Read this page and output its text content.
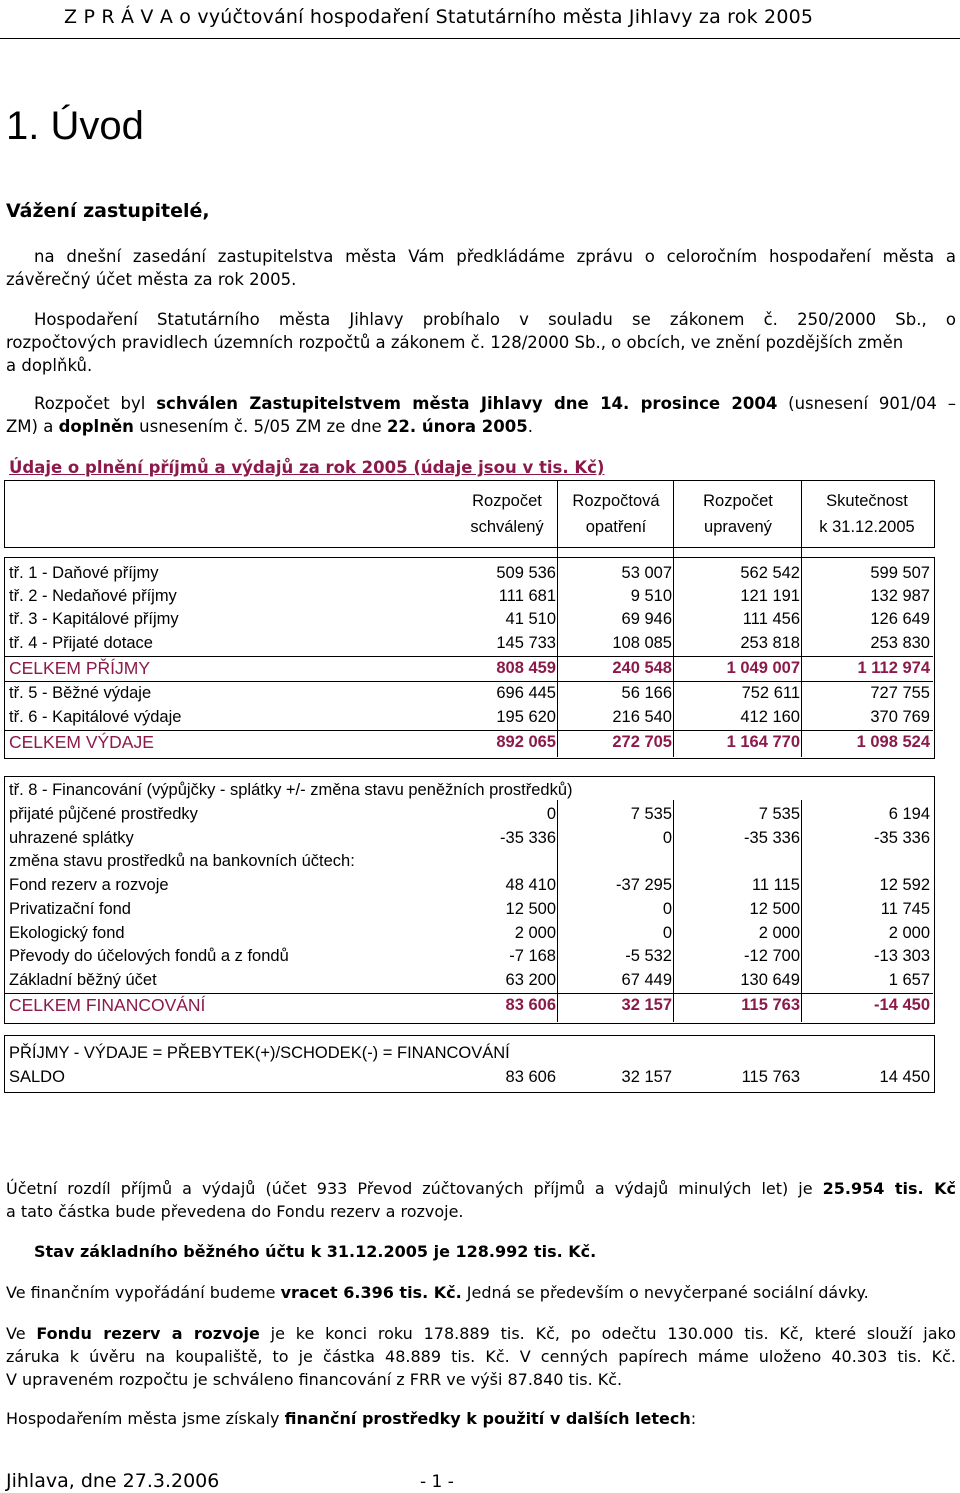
Z P R Á V A o vyúčtování hospodaření Statutárního města Jihlavy za rok 2005
1. Úvod
Vážení zastupitelé,
na dnešní zasedání zastupitelstva města Vám předkládáme zprávu o celoročním hospodaření města a
závěrečný účet města za rok 2005.
Hospodaření Statutárního města Jihlavy probíhalo v souladu se zákonem č. 250/2000 Sb., o
rozpočtových pravidlech územních rozpočtů a zákonem č. 128/2000 Sb., o obcích, ve znění pozdějších změn
a doplňků.
Rozpočet byl schválen Zastupitelstvem města Jihlavy dne 14. prosince 2004 (usnesení 901/04 –
ZM) a doplněn usnesením č. 5/05 ZM ze dne 22. února 2005.
Údaje o plnění příjmů a výdajů za rok 2005 (údaje jsou v tis. Kč)
Rozpočet
schválený
Rozpočtová
opatření
Rozpočet
upravený
Skutečnost
k 31.12.2005
tř. 1 - Daňové příjmy	509 536	53 007	562 542	599 507
tř. 2 - Nedaňové příjmy	111 681	9 510	121 191	132 987
tř. 3 - Kapitálové příjmy	41 510	69 946	111 456	126 649
tř. 4 - Přijaté dotace	145 733	108 085	253 818	253 830
CELKEM PŘÍJMY	808 459	240 548	1 049 007	1 112 974
tř. 5 - Běžné výdaje	696 445	56 166	752 611	727 755
tř. 6 - Kapitálové výdaje	195 620	216 540	412 160	370 769
CELKEM VÝDAJE	892 065	272 705	1 164 770	1 098 524
tř. 8 - Financování (výpůjčky - splátky +/- změna stavu peněžních prostředků)
přijaté půjčené prostředky	0	7 535	7 535	6 194
uhrazené splátky	-35 336	0	-35 336	-35 336
změna stavu prostředků na bankovních účtech:
Fond rezerv a rozvoje	48 410	-37 295	11 115	12 592
Privatizační fond	12 500	0	12 500	11 745
Ekologický fond	2 000	0	2 000	2 000
Převody do účelových fondů a z fondů	-7 168	-5 532	-12 700	-13 303
Základní běžný účet	63 200	67 449	130 649	1 657
CELKEM FINANCOVÁNÍ	83 606	32 157	115 763	-14 450
PŘÍJMY - VÝDAJE = PŘEBYTEK(+)/SCHODEK(-) = FINANCOVÁNÍ
SALDO	83 606	32 157	115 763	14 450
Účetní rozdíl příjmů a výdajů (účet 933 Převod zúčtovaných příjmů a výdajů minulých let) je 25.954 tis. Kč
a tato částka bude převedena do Fondu rezerv a rozvoje.
Stav základního běžného účtu k 31.12.2005 je 128.992 tis. Kč.
Ve finančním vypořádání budeme vracet 6.396 tis. Kč. Jedná se především o nevyčerpané sociální dávky.
Ve Fondu rezerv a rozvoje je ke konci roku 178.889 tis. Kč, po odečtu 130.000 tis. Kč, které slouží jako
záruka k úvěru na koupaliště, to je částka 48.889 tis. Kč. V cenných papírech máme uloženo 40.303 tis. Kč.
V upraveném rozpočtu je schváleno financování z FRR ve výši 87.840 tis. Kč.
Hospodařením města jsme získaly finanční prostředky k použití v dalších letech:
Jihlava, dne 27.3.2006	- 1 -
